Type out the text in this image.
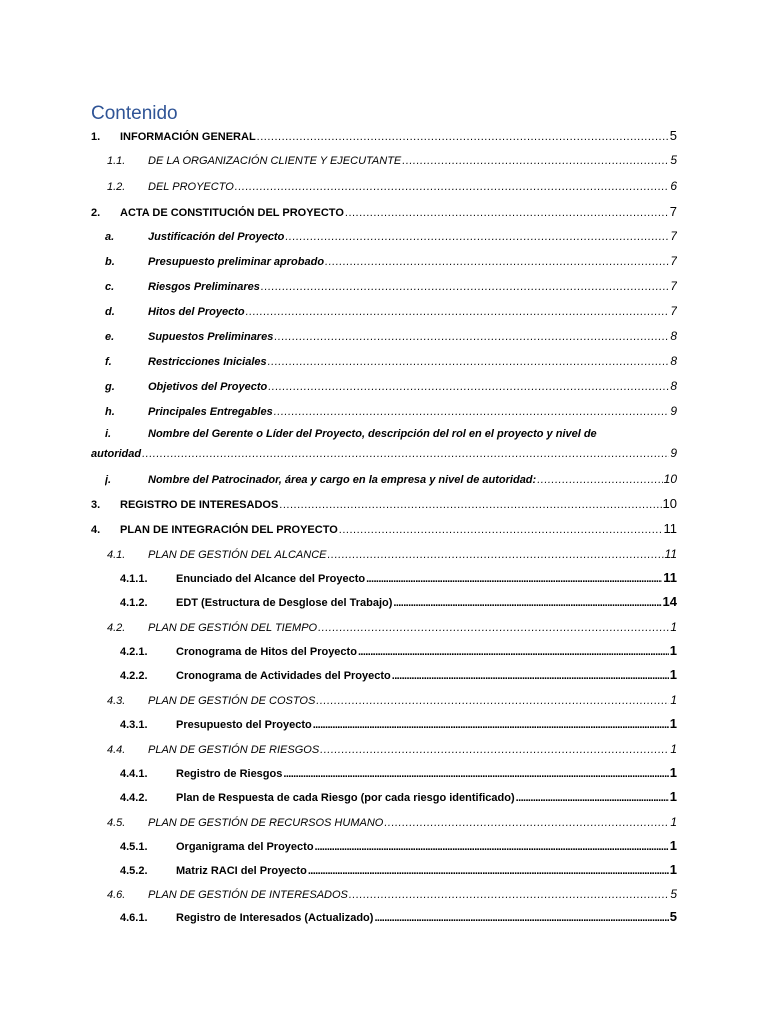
Contenido
1.	INFORMACIÓN GENERAL .....	5
1.1.	DE LA ORGANIZACIÓN CLIENTE Y EJECUTANTE .....	5
1.2.	DEL PROYECTO .....	6
2.	ACTA DE CONSTITUCIÓN DEL PROYECTO .....	7
a.	Justificación del Proyecto .....	7
b.	Presupuesto preliminar aprobado .....	7
c.	Riesgos Preliminares .....	7
d.	Hitos del Proyecto .....	7
e.	Supuestos Preliminares .....	8
f.	Restricciones Iniciales .....	8
g.	Objetivos del Proyecto .....	8
h.	Principales Entregables .....	9
i.	Nombre del Gerente o Líder del Proyecto, descripción del rol en el proyecto y nivel de
autoridad .....	9
j.	Nombre del Patrocinador, área y cargo en la empresa y nivel de autoridad: .....	10
3.	REGISTRO DE INTERESADOS .....	10
4.	PLAN DE INTEGRACIÓN DEL PROYECTO .....	11
4.1.	PLAN DE GESTIÓN DEL ALCANCE .....	11
4.1.1.	Enunciado del Alcance del Proyecto .....	11
4.1.2.	EDT (Estructura de Desglose del Trabajo) .....	14
4.2.	PLAN DE GESTIÓN DEL TIEMPO .....	1
4.2.1.	Cronograma de Hitos del Proyecto .....	1
4.2.2.	Cronograma de Actividades del Proyecto .....	1
4.3.	PLAN DE GESTIÓN DE COSTOS .....	1
4.3.1.	Presupuesto del Proyecto .....	1
4.4.	PLAN DE GESTIÓN DE RIESGOS .....	1
4.4.1.	Registro de Riesgos .....	1
4.4.2.	Plan de Respuesta de cada Riesgo (por cada riesgo identificado) .....	1
4.5.	PLAN DE GESTIÓN DE RECURSOS HUMANO .....	1
4.5.1.	Organigrama del Proyecto .....	1
4.5.2.	Matriz RACI del Proyecto .....	1
4.6.	PLAN DE GESTIÓN DE INTERESADOS .....	5
4.6.1.	Registro de Interesados (Actualizado) .....	5
